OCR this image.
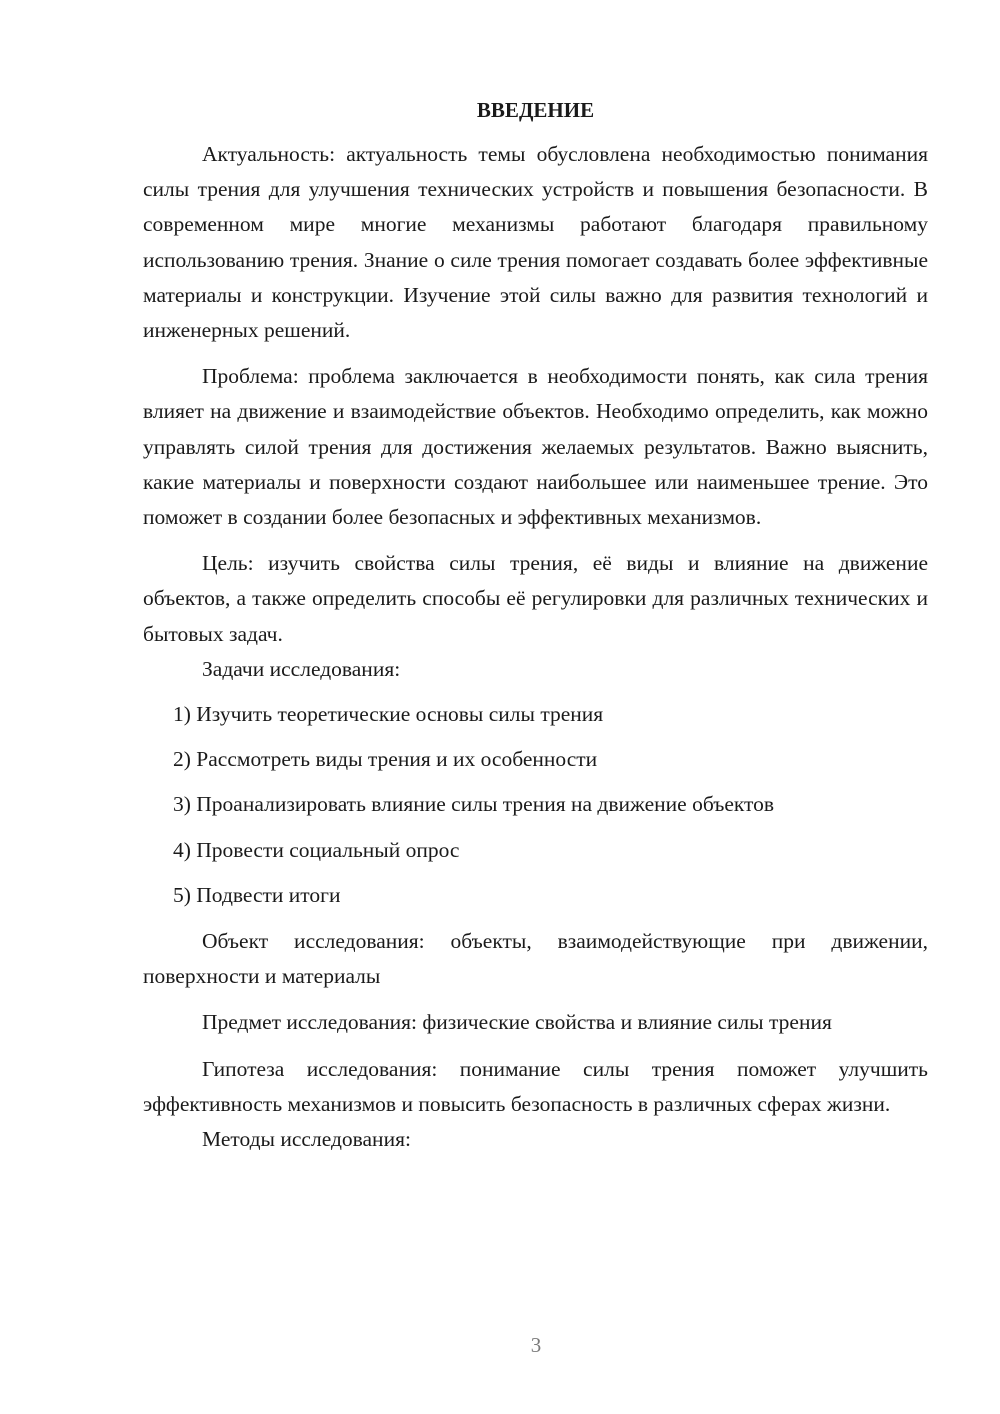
ВВЕДЕНИЕ

Актуальность: актуальность темы обусловлена необходимостью понимания силы трения для улучшения технических устройств и повышения безопасности. В современном мире многие механизмы работают благодаря правильному использованию трения. Знание о силе трения помогает создавать более эффективные материалы и конструкции. Изучение этой силы важно для развития технологий и инженерных решений.

Проблема: проблема заключается в необходимости понять, как сила трения влияет на движение и взаимодействие объектов. Необходимо определить, как можно управлять силой трения для достижения желаемых результатов. Важно выяснить, какие материалы и поверхности создают наибольшее или наименьшее трение. Это поможет в создании более безопасных и эффективных механизмов.

Цель: изучить свойства силы трения, её виды и влияние на движение объектов, а также определить способы её регулировки для различных технических и бытовых задач.

Задачи исследования:

1) Изучить теоретические основы силы трения

2) Рассмотреть виды трения и их особенности

3) Проанализировать влияние силы трения на движение объектов

4) Провести социальный опрос

5) Подвести итоги

Объект исследования: объекты, взаимодействующие при движении, поверхности и материалы

Предмет исследования: физические свойства и влияние силы трения

Гипотеза исследования: понимание силы трения поможет улучшить эффективность механизмов и повысить безопасность в различных сферах жизни.

Методы исследования:

3
